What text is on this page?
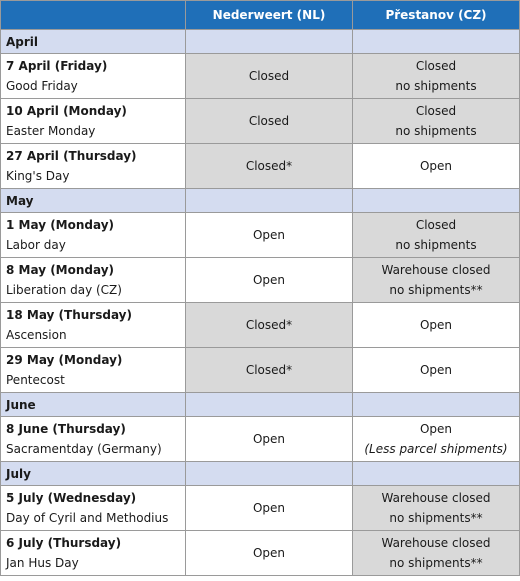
	Nederweert (NL)	Přestanov (CZ)
April		

7 April (Friday)
Good Friday	Closed	Closed
no shipments

10 April (Monday)
Easter Monday	Closed	Closed
no shipments

27 April (Thursday)
King's Day	Closed*	Open

May		

1 May (Monday)
Labor day	Open	Closed
no shipments

8 May (Monday)
Liberation day (CZ)	Open	Warehouse closed
no shipments**

18 May (Thursday)
Ascension	Closed*	Open

29 May (Monday)
Pentecost	Closed*	Open

June		

8 June (Thursday)
Sacramentday (Germany)	Open	Open
(Less parcel shipments)

July		

5 July (Wednesday)
Day of Cyril and Methodius	Open	Warehouse closed
no shipments**

6 July (Thursday)
Jan Hus Day	Open	Warehouse closed
no shipments**
